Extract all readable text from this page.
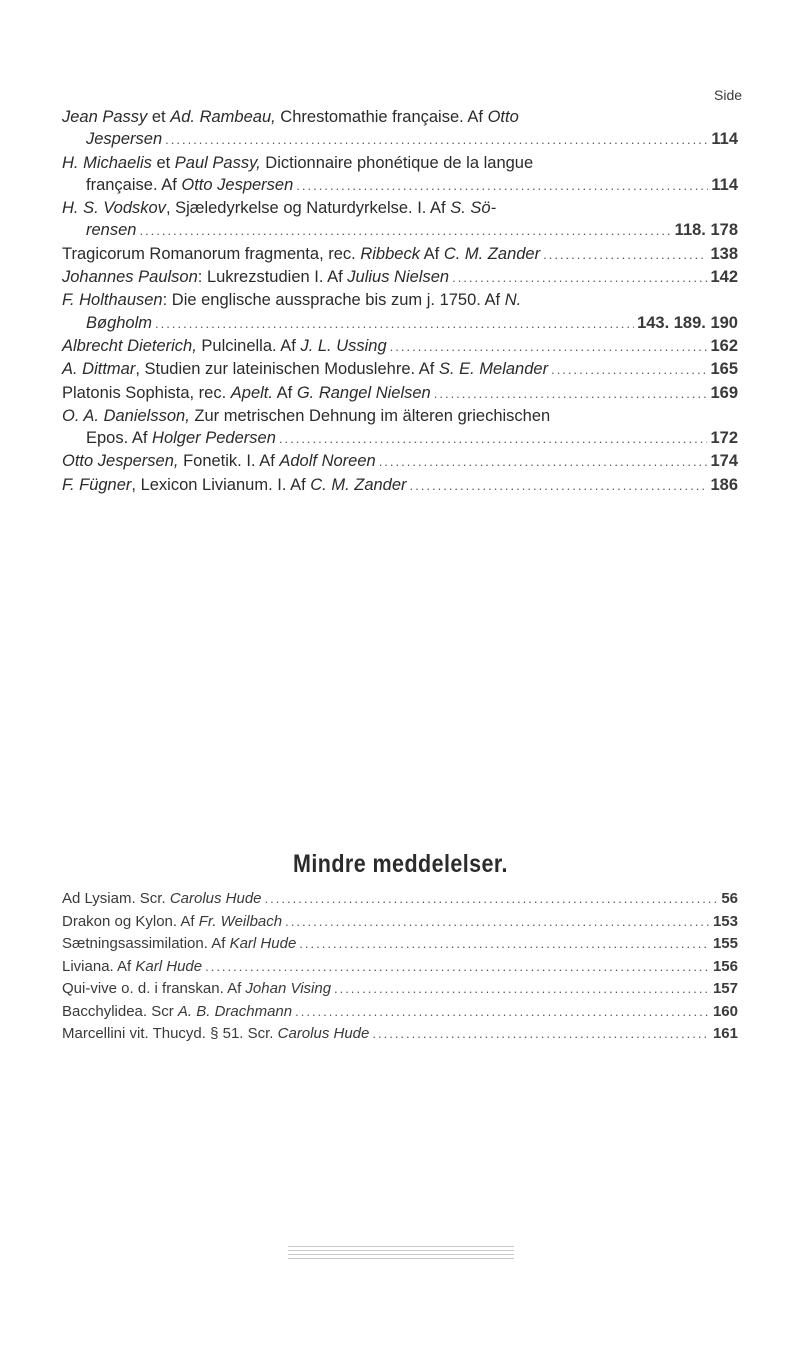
Side
Jean Passy et Ad. Rambeau, Chrestomathie française. Af Otto
Jespersen .....	114
H. Michaelis et Paul Passy, Dictionnaire phonétique de la langue
française. Af Otto Jespersen .....	114
H. S. Vodskov, Sjæledyrkelse og Naturdyrkelse. I. Af S. Sö-
rensen .....	118. 178
Tragicorum Romanorum fragmenta, rec. Ribbeck Af C. M. Zander .....	138
Johannes Paulson: Lukrezstudien I. Af Julius Nielsen .....	142
F. Holthausen: Die englische aussprache bis zum j. 1750. Af N.
Bøgholm .....	143. 189. 190
Albrecht Dieterich, Pulcinella. Af J. L. Ussing .....	162
A. Dittmar, Studien zur lateinischen Moduslehre. Af S. E. Melander .....	165
Platonis Sophista, rec. Apelt. Af G. Rangel Nielsen .....	169
O. A. Danielsson, Zur metrischen Dehnung im älteren griechischen
Epos. Af Holger Pedersen .....	172
Otto Jespersen, Fonetik. I. Af Adolf Noreen .....	174
F. Fügner, Lexicon Livianum. I. Af C. M. Zander .....	186
Mindre meddelelser.
Ad Lysiam. Scr. Carolus Hude .....	56
Drakon og Kylon. Af Fr. Weilbach .....	153
Sætningsassimilation. Af Karl Hude .....	155
Liviana. Af Karl Hude .....	156
Qui-vive o. d. i franskan. Af Johan Vising .....	157
Bacchylidea. Scr A. B. Drachmann .....	160
Marcellini vit. Thucyd. § 51. Scr. Carolus Hude .....	161
